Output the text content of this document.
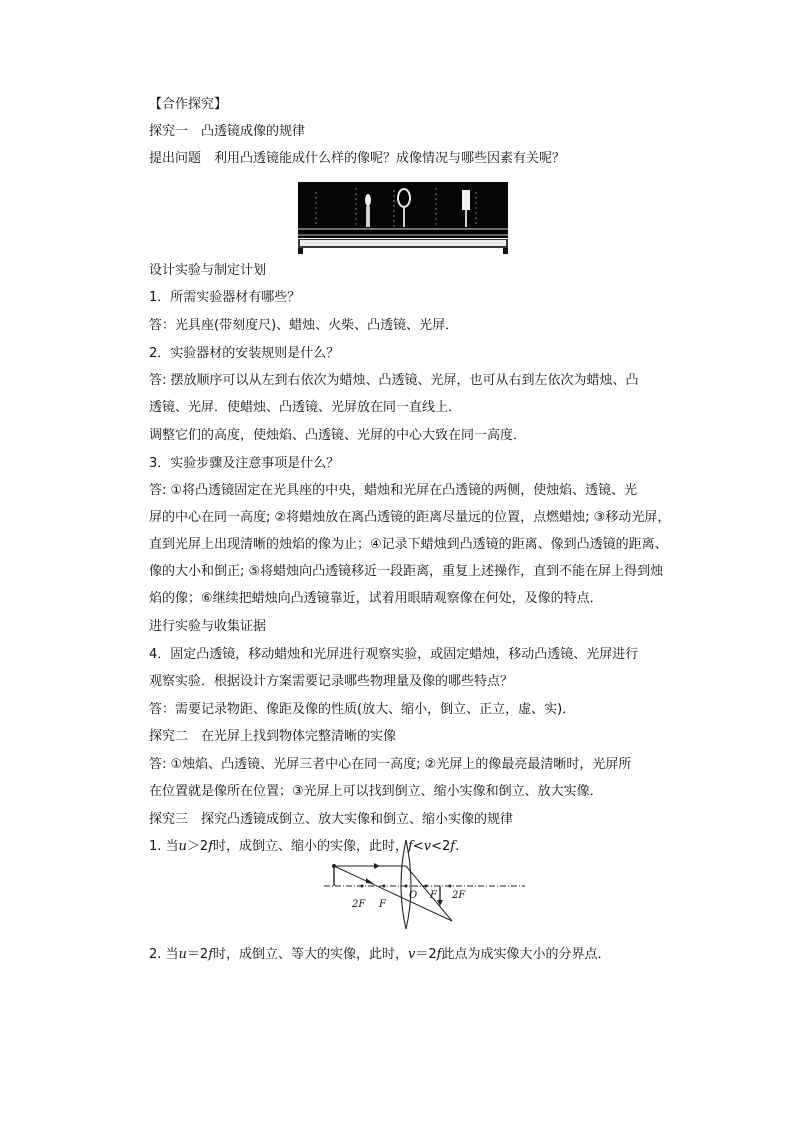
【合作探究】
探究一　凸透镜成像的规律
提出问题　利用凸透镜能成什么样的像呢？成像情况与哪些因素有关呢？
设计实验与制定计划
1．所需实验器材有哪些？
答：光具座(带刻度尺)、蜡烛、火柴、凸透镜、光屏．
2．实验器材的安装规则是什么？
答: 摆放顺序可以从左到右依次为蜡烛、凸透镜、光屏，也可从右到左依次为蜡烛、凸
透镜、光屏．使蜡烛、凸透镜、光屏放在同一直线上．
调整它们的高度，使烛焰、凸透镜、光屏的中心大致在同一高度．
3．实验步骤及注意事项是什么？
答: ①将凸透镜固定在光具座的中央，蜡烛和光屏在凸透镜的两侧，使烛焰、透镜、光
屏的中心在同一高度; ②将蜡烛放在离凸透镜的距离尽量远的位置，点燃蜡烛; ③移动光屏，
直到光屏上出现清晰的烛焰的像为止；④记录下蜡烛到凸透镜的距离、像到凸透镜的距离、
像的大小和倒正; ⑤将蜡烛向凸透镜移近一段距离，重复上述操作，直到不能在屏上得到烛
焰的像；⑥继续把蜡烛向凸透镜靠近，试着用眼睛观察像在何处，及像的特点．
进行实验与收集证据
4．固定凸透镜，移动蜡烛和光屏进行观察实验，或固定蜡烛，移动凸透镜、光屏进行
观察实验．根据设计方案需要记录哪些物理量及像的哪些特点？
答：需要记录物距、像距及像的性质(放大、缩小，倒立、正立，虚、实)．
探究二　在光屏上找到物体完整清晰的实像
答: ①烛焰、凸透镜、光屏三者中心在同一高度; ②光屏上的像最亮最清晰时，光屏所
在位置就是像所在位置；③光屏上可以找到倒立、缩小实像和倒立、放大实像．
探究三　探究凸透镜成倒立、放大实像和倒立、缩小实像的规律
1. 当u＞2f时，成倒立、缩小的实像，此时，f<v<2f.
O F 2F
2F F
2. 当u＝2f时，成倒立、等大的实像，此时，v＝2f此点为成实像大小的分界点．
